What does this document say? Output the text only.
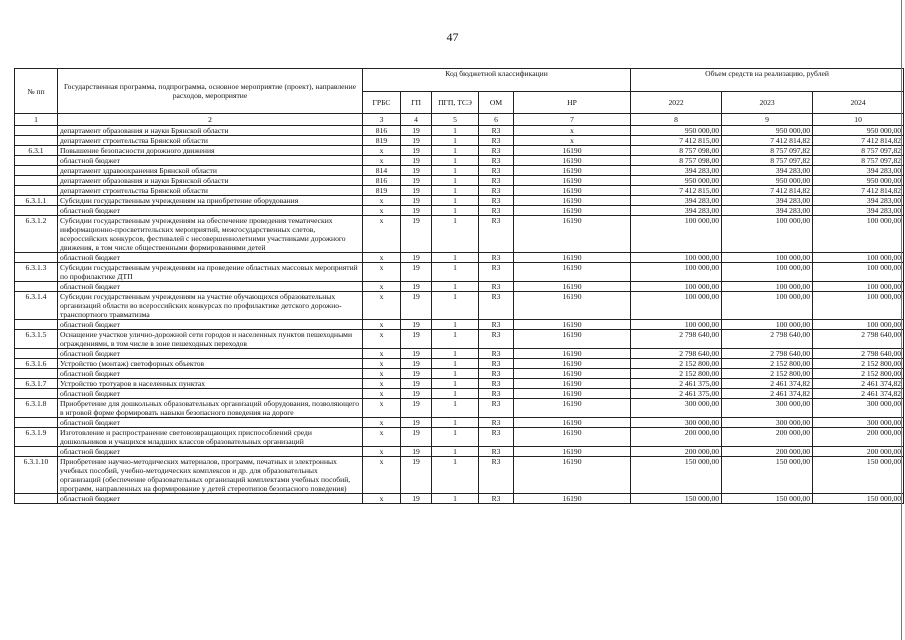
47
№ пп	Государственная программа, подпрограмма, основное мероприятие (проект), направление расходов, мероприятие	Код бюджетной классификации					Объем средств на реализацию, рублей		
		ГРБС	ГП	ПГП, ТСЭ	ОМ	НР	2022	2023	2024
1	2	3	4	5	6	7	8	9	10
	департамент образования и науки Брянской области	816	19	1	R3	x	950 000,00	950 000,00	950 000,00
	департамент строительства Брянской области	819	19	1	R3	x	7 412 815,00	7 412 814,82	7 412 814,82
6.3.1	Повышение безопасности дорожного движения	x	19	1	R3	16190	8 757 098,00	8 757 097,82	8 757 097,82
	областной бюджет	x	19	1	R3	16190	8 757 098,00	8 757 097,82	8 757 097,82
	департамент здравоохранения Брянской области	814	19	1	R3	16190	394 283,00	394 283,00	394 283,00
	департамент образования и науки Брянской области	816	19	1	R3	16190	950 000,00	950 000,00	950 000,00
	департамент строительства Брянской области	819	19	1	R3	16190	7 412 815,00	7 412 814,82	7 412 814,82
6.3.1.1	Субсидии государственным учреждениям на приобретение оборудования	x	19	1	R3	16190	394 283,00	394 283,00	394 283,00
	областной бюджет	x	19	1	R3	16190	394 283,00	394 283,00	394 283,00
6.3.1.2	Субсидии государственным учреждениям на обеспечение проведения тематических информационно-просветительских мероприятий, межгосударственных слетов, всероссийских конкурсов, фестивалей с несовершеннолетними участниками дорожного движения, в том числе общественными формированиями детей	x	19	1	R3	16190	100 000,00	100 000,00	100 000,00
	областной бюджет	x	19	1	R3	16190	100 000,00	100 000,00	100 000,00
6.3.1.3	Субсидии государственным учреждениям на проведение областных массовых мероприятий по профилактике ДТП	x	19	1	R3	16190	100 000,00	100 000,00	100 000,00
	областной бюджет	x	19	1	R3	16190	100 000,00	100 000,00	100 000,00
6.3.1.4	Субсидии государственным учреждениям на участие обучающихся образовательных организаций области во всероссийских конкурсах по профилактике детского дорожно-транспортного травматизма	x	19	1	R3	16190	100 000,00	100 000,00	100 000,00
	областной бюджет	x	19	1	R3	16190	100 000,00	100 000,00	100 000,00
6.3.1.5	Оснащение участков улично-дорожной сети городов и населенных пунктов пешеходными ограждениями, в том числе в зоне пешеходных переходов	x	19	1	R3	16190	2 798 640,00	2 798 640,00	2 798 640,00
	областной бюджет	x	19	1	R3	16190	2 798 640,00	2 798 640,00	2 798 640,00
6.3.1.6	Устройство (монтаж) светофорных объектов	x	19	1	R3	16190	2 152 800,00	2 152 800,00	2 152 800,00
	областной бюджет	x	19	1	R3	16190	2 152 800,00	2 152 800,00	2 152 800,00
6.3.1.7	Устройство тротуаров в населенных пунктах	x	19	1	R3	16190	2 461 375,00	2 461 374,82	2 461 374,82
	областной бюджет	x	19	1	R3	16190	2 461 375,00	2 461 374,82	2 461 374,82
6.3.1.8	Приобретение для дошкольных образовательных организаций оборудования, позволяющего в игровой форме формировать навыки безопасного поведения на дороге	x	19	1	R3	16190	300 000,00	300 000,00	300 000,00
	областной бюджет	x	19	1	R3	16190	300 000,00	300 000,00	300 000,00
6.3.1.9	Изготовление и распространение световозвращающих приспособлений среди дошкольников и учащихся младших классов образовательных организаций	x	19	1	R3	16190	200 000,00	200 000,00	200 000,00
	областной бюджет	x	19	1	R3	16190	200 000,00	200 000,00	200 000,00
6.3.1.10	Приобретение научно-методических материалов, программ, печатных и электронных учебных пособий, учебно-методических комплексов и др. для образовательных организаций (обеспечение образовательных организаций комплектами учебных пособий, программ, направленных на формирование у детей стереотипов безопасного поведения)	x	19	1	R3	16190	150 000,00	150 000,00	150 000,00
	областной бюджет	x	19	1	R3	16190	150 000,00	150 000,00	150 000,00
